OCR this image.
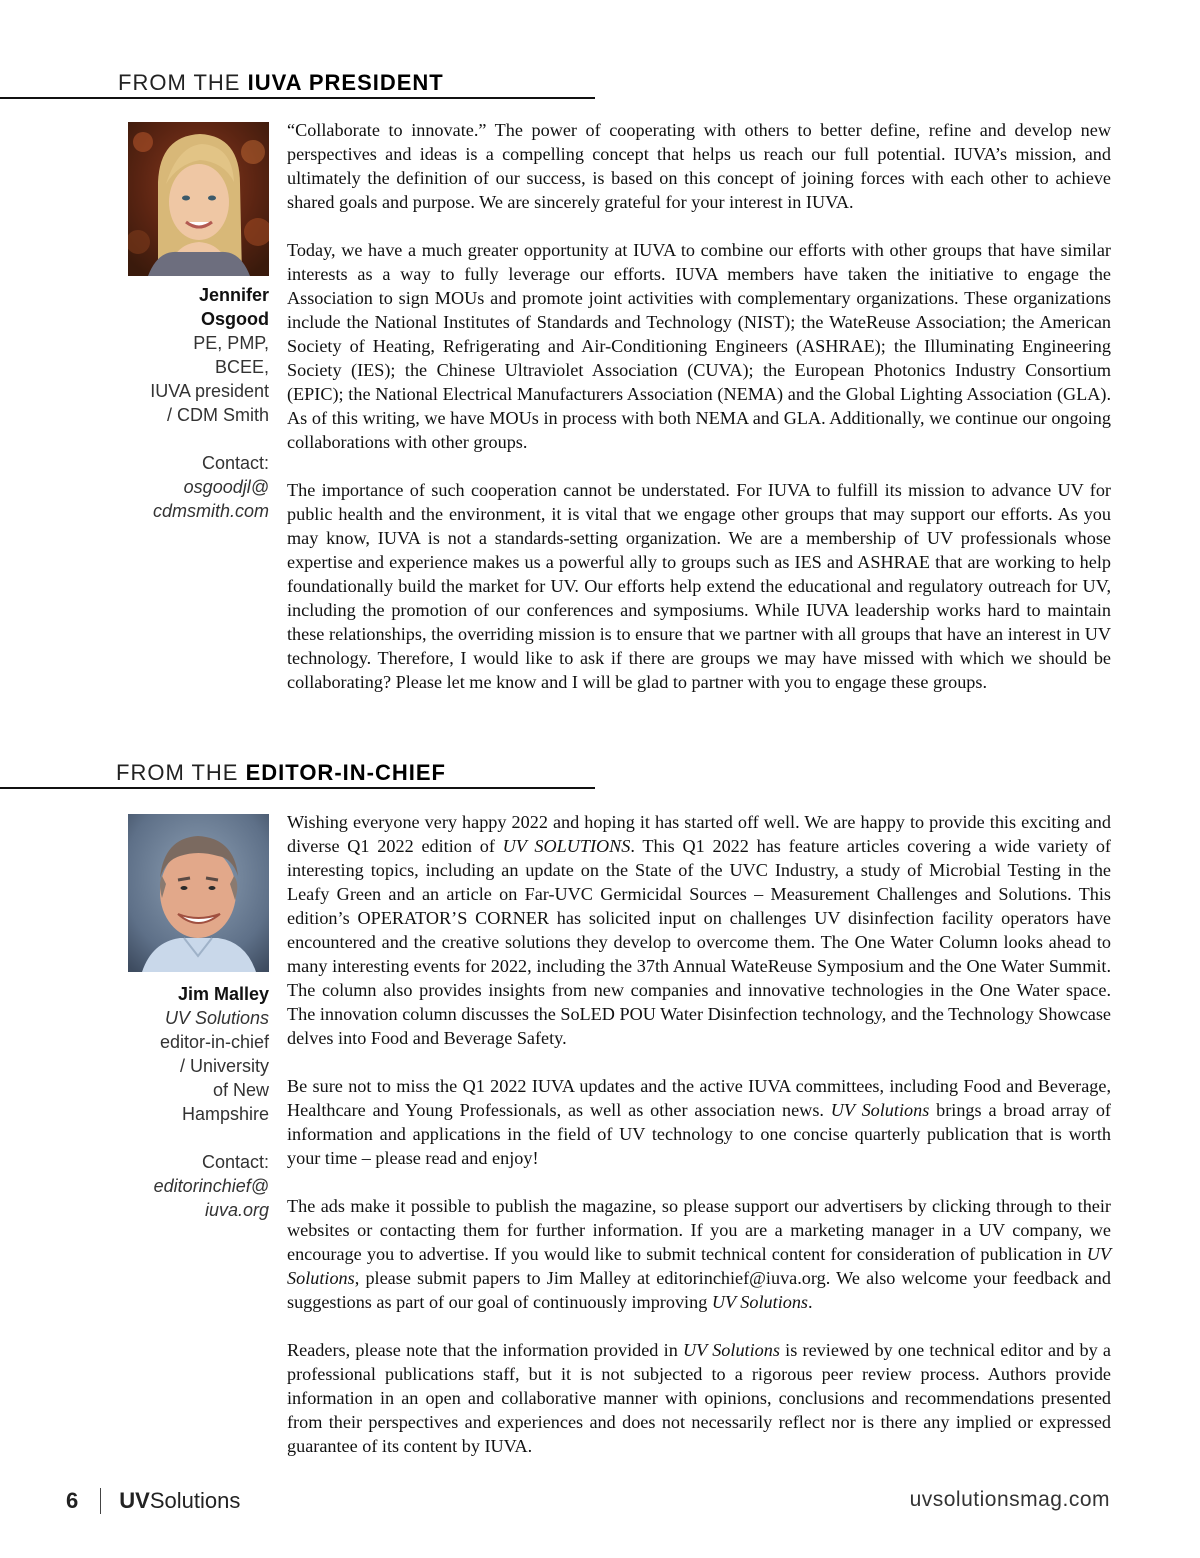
FROM THE IUVA PRESIDENT
Jennifer
Osgood
PE, PMP,
BCEE,
IUVA president
/ CDM Smith
Contact:
osgoodjl@
cdmsmith.com

“Collaborate to innovate.” The power of cooperating with others to better define, refine and develop new perspectives and ideas is a compelling concept that helps us reach our full potential. IUVA’s mission, and ultimately the definition of our success, is based on this concept of joining forces with each other to achieve shared goals and purpose. We are sincerely grateful for your interest in IUVA.

Today, we have a much greater opportunity at IUVA to combine our efforts with other groups that have similar interests as a way to fully leverage our efforts. IUVA members have taken the initiative to engage the Association to sign MOUs and promote joint activities with complementary organizations. These organizations include the National Institutes of Standards and Technology (NIST); the WateReuse Association; the American Society of Heating, Refrigerating and Air-Conditioning Engineers (ASHRAE); the Illuminating Engineering Society (IES); the Chinese Ultraviolet Association (CUVA); the European Photonics Industry Consortium (EPIC); the National Electrical Manufacturers Association (NEMA) and the Global Lighting Association (GLA). As of this writing, we have MOUs in process with both NEMA and GLA. Additionally, we continue our ongoing collaborations with other groups.

The importance of such cooperation cannot be understated. For IUVA to fulfill its mission to advance UV for public health and the environment, it is vital that we engage other groups that may support our efforts. As you may know, IUVA is not a standards-setting organization. We are a membership of UV professionals whose expertise and experience makes us a powerful ally to groups such as IES and ASHRAE that are working to help foundationally build the market for UV. Our efforts help extend the educational and regulatory outreach for UV, including the promotion of our conferences and symposiums. While IUVA leadership works hard to maintain these relationships, the overriding mission is to ensure that we partner with all groups that have an interest in UV technology. Therefore, I would like to ask if there are groups we may have missed with which we should be collaborating? Please let me know and I will be glad to partner with you to engage these groups.

FROM THE EDITOR-IN-CHIEF
Jim Malley
UV Solutions
editor-in-chief
/ University
of New
Hampshire
Contact:
editorinchief@
iuva.org

Wishing everyone very happy 2022 and hoping it has started off well. We are happy to provide this exciting and diverse Q1 2022 edition of UV SOLUTIONS. This Q1 2022 has feature articles covering a wide variety of interesting topics, including an update on the State of the UVC Industry, a study of Microbial Testing in the Leafy Green and an article on Far-UVC Germicidal Sources – Measurement Challenges and Solutions. This edition’s OPERATOR’S CORNER has solicited input on challenges UV disinfection facility operators have encountered and the creative solutions they develop to overcome them. The One Water Column looks ahead to many interesting events for 2022, including the 37th Annual WateReuse Symposium and the One Water Summit. The column also provides insights from new companies and innovative technologies in the One Water space. The innovation column discusses the SoLED POU Water Disinfection technology, and the Technology Showcase delves into Food and Beverage Safety.

Be sure not to miss the Q1 2022 IUVA updates and the active IUVA committees, including Food and Beverage, Healthcare and Young Professionals, as well as other association news. UV Solutions brings a broad array of information and applications in the field of UV technology to one concise quarterly publication that is worth your time – please read and enjoy!

The ads make it possible to publish the magazine, so please support our advertisers by clicking through to their websites or contacting them for further information. If you are a marketing manager in a UV company, we encourage you to advertise. If you would like to submit technical content for consideration of publication in UV Solutions, please submit papers to Jim Malley at editorinchief@iuva.org. We also welcome your feedback and suggestions as part of our goal of continuously improving UV Solutions.

Readers, please note that the information provided in UV Solutions is reviewed by one technical editor and by a professional publications staff, but it is not subjected to a rigorous peer review process. Authors provide information in an open and collaborative manner with opinions, conclusions and recommendations presented from their perspectives and experiences and does not necessarily reflect nor is there any implied or expressed guarantee of its content by IUVA.

6 UV Solutions	uvsolutionsmag.com
